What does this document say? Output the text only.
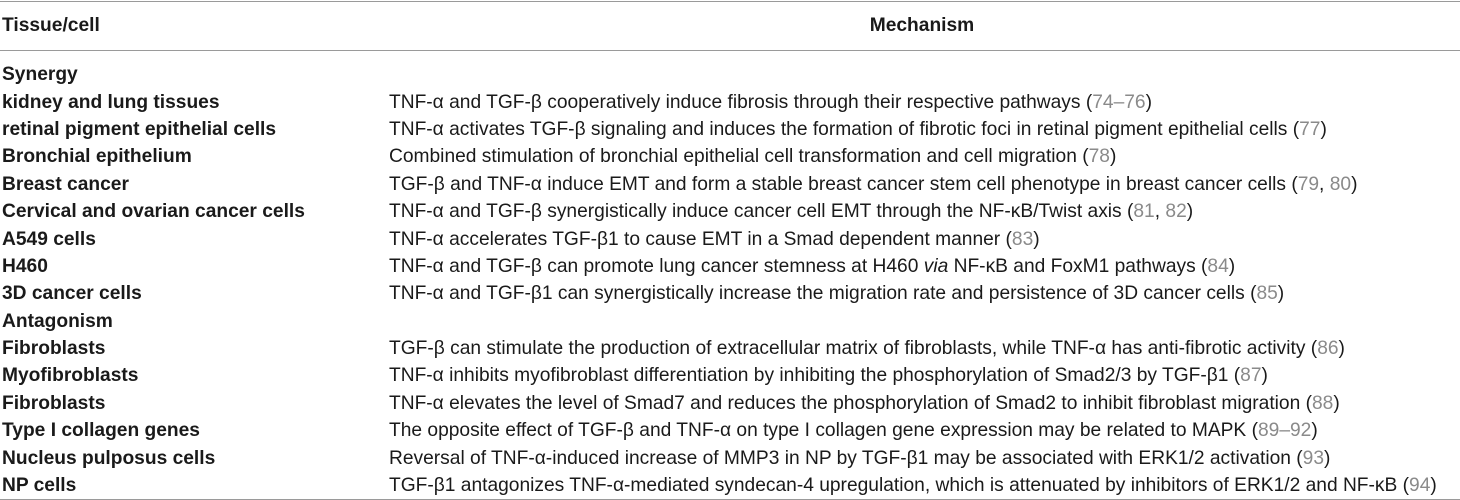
Tissue/cell	Mechanism
Synergy
kidney and lung tissues	TNF-α and TGF-β cooperatively induce fibrosis through their respective pathways ( 74–76 )
retinal pigment epithelial cells	TNF-α activates TGF-β signaling and induces the formation of fibrotic foci in retinal pigment epithelial cells ( 77 )
Bronchial epithelium	Combined stimulation of bronchial epithelial cell transformation and cell migration ( 78 )
Breast cancer	TGF-β and TNF-α induce EMT and form a stable breast cancer stem cell phenotype in breast cancer cells ( 79 , 80 )
Cervical and ovarian cancer cells	TNF-α and TGF-β synergistically induce cancer cell EMT through the NF-κB/Twist axis ( 81 , 82 )
A549 cells	TNF-α accelerates TGF-β1 to cause EMT in a Smad dependent manner ( 83 )
H460	TNF-α and TGF-β can promote lung cancer stemness at H460 via NF-κB and FoxM1 pathways ( 84 )
3D cancer cells	TNF-α and TGF-β1 can synergistically increase the migration rate and persistence of 3D cancer cells ( 85 )
Antagonism
Fibroblasts	TGF-β can stimulate the production of extracellular matrix of fibroblasts, while TNF-α has anti-fibrotic activity ( 86 )
Myofibroblasts	TNF-α inhibits myofibroblast differentiation by inhibiting the phosphorylation of Smad2/3 by TGF-β1 ( 87 )
Fibroblasts	TNF-α elevates the level of Smad7 and reduces the phosphorylation of Smad2 to inhibit fibroblast migration ( 88 )
Type I collagen genes	The opposite effect of TGF-β and TNF-α on type I collagen gene expression may be related to MAPK ( 89–92 )
Nucleus pulposus cells	Reversal of TNF-α-induced increase of MMP3 in NP by TGF-β1 may be associated with ERK1/2 activation ( 93 )
NP cells	TGF-β1 antagonizes TNF-α-mediated syndecan-4 upregulation, which is attenuated by inhibitors of ERK1/2 and NF-κB ( 94 )
